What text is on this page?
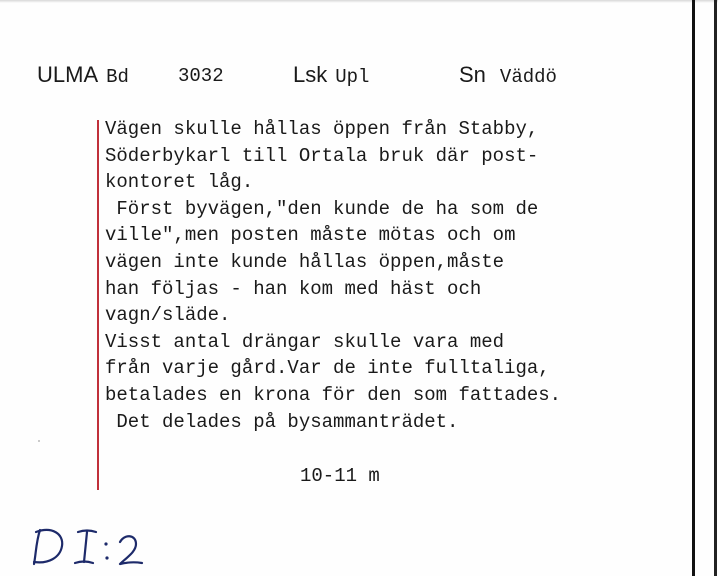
ULMA Bd	3032	Lsk Upl	Sn Väddö
Vägen skulle hållas öppen från Stabby,
Söderbykarl till Ortala bruk där post-
kontoret låg.
Först byvägen,"den kunde de ha som de
ville",men posten måste mötas och om
vägen inte kunde hållas öppen,måste
han följas - han kom med häst och
vagn/släde.
Visst antal drängar skulle vara med
från varje gård.Var de inte fulltaliga,
betalades en krona för den som fattades.
Det delades på bysammanträdet.
10-11 m
